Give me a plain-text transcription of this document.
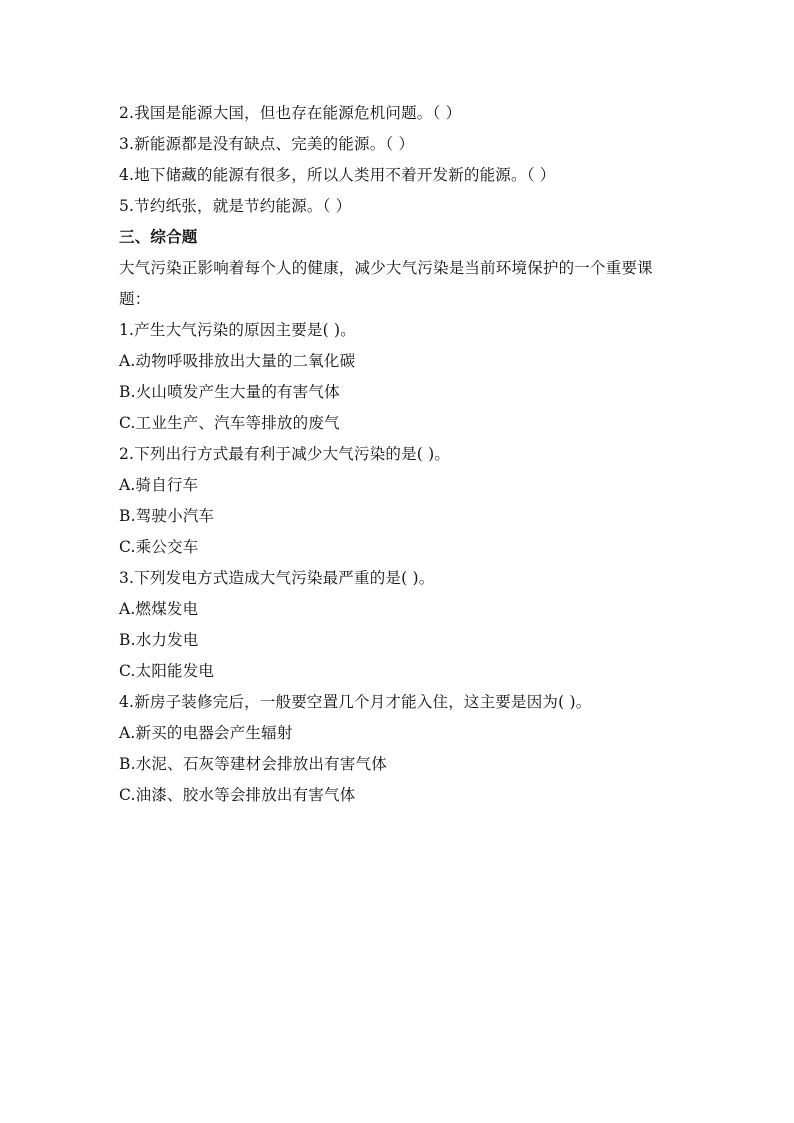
2.我国是能源大国，但也存在能源危机问题。（ ）
3.新能源都是没有缺点、完美的能源。（ ）
4.地下储藏的能源有很多，所以人类用不着开发新的能源。（ ）
5.节约纸张，就是节约能源。（ ）
三、综合题
大气污染正影响着每个人的健康，减少大气污染是当前环境保护的一个重要课题：
1.产生大气污染的原因主要是( )。
A.动物呼吸排放出大量的二氧化碳
B.火山喷发产生大量的有害气体
C.工业生产、汽车等排放的废气
2.下列出行方式最有利于减少大气污染的是( )。
A.骑自行车
B.驾驶小汽车
C.乘公交车
3.下列发电方式造成大气污染最严重的是( )。
A.燃煤发电
B.水力发电
C.太阳能发电
4.新房子装修完后，一般要空置几个月才能入住，这主要是因为( )。
A.新买的电器会产生辐射
B.水泥、石灰等建材会排放出有害气体
C.油漆、胶水等会排放出有害气体
